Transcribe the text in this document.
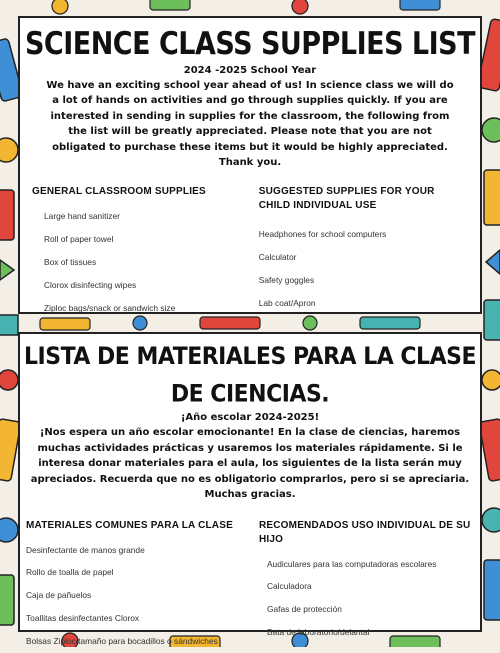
SCIENCE CLASS SUPPLIES LIST
2024 -2025 School Year

We have an exciting school year ahead of us! In science class we will do a lot of hands on activities and go through supplies quickly. If you are interested in sending in supplies for the classroom, the following from the list will be greatly appreciated. Please note that you are not obligated to purchase these items but it would be highly appreciated. Thank you.

GENERAL CLASSROOM SUPPLIES
Large hand sanitizer
Roll of paper towel
Box of tissues
Clorox disinfecting wipes
Ziploc bags/snack or sandwich size
SUGGESTED SUPPLIES FOR YOUR CHILD INDIVIDUAL USE
Headphones for school computers
Calculator
Safety goggles
Lab coat/Apron
LISTA DE MATERIALES PARA LA CLASE DE CIENCIAS.
¡Año escolar 2024-2025!

¡Nos espera un año escolar emocionante! En la clase de ciencias, haremos muchas actividades prácticas y usaremos los materiales rápidamente. Si le interesa donar materiales para el aula, los siguientes de la lista serán muy apreciados. Recuerda que no es obligatorio comprarlos, pero si se apreciaria. Muchas gracias.

MATERIALES COMUNES PARA LA CLASE
Desinfectante de manos grande
Rollo de toalla de papel
Caja de pañuelos
Toallitas desinfectantes Clorox
Bolsas Ziploc/tamaño para bocadillos o sándwiches
RECOMENDADOS USO INDIVIDUAL DE SU HIJO
Audiculares para las computadoras escolares
Calculadora
Gafas de protección
Bata de laboratorio/delantal
